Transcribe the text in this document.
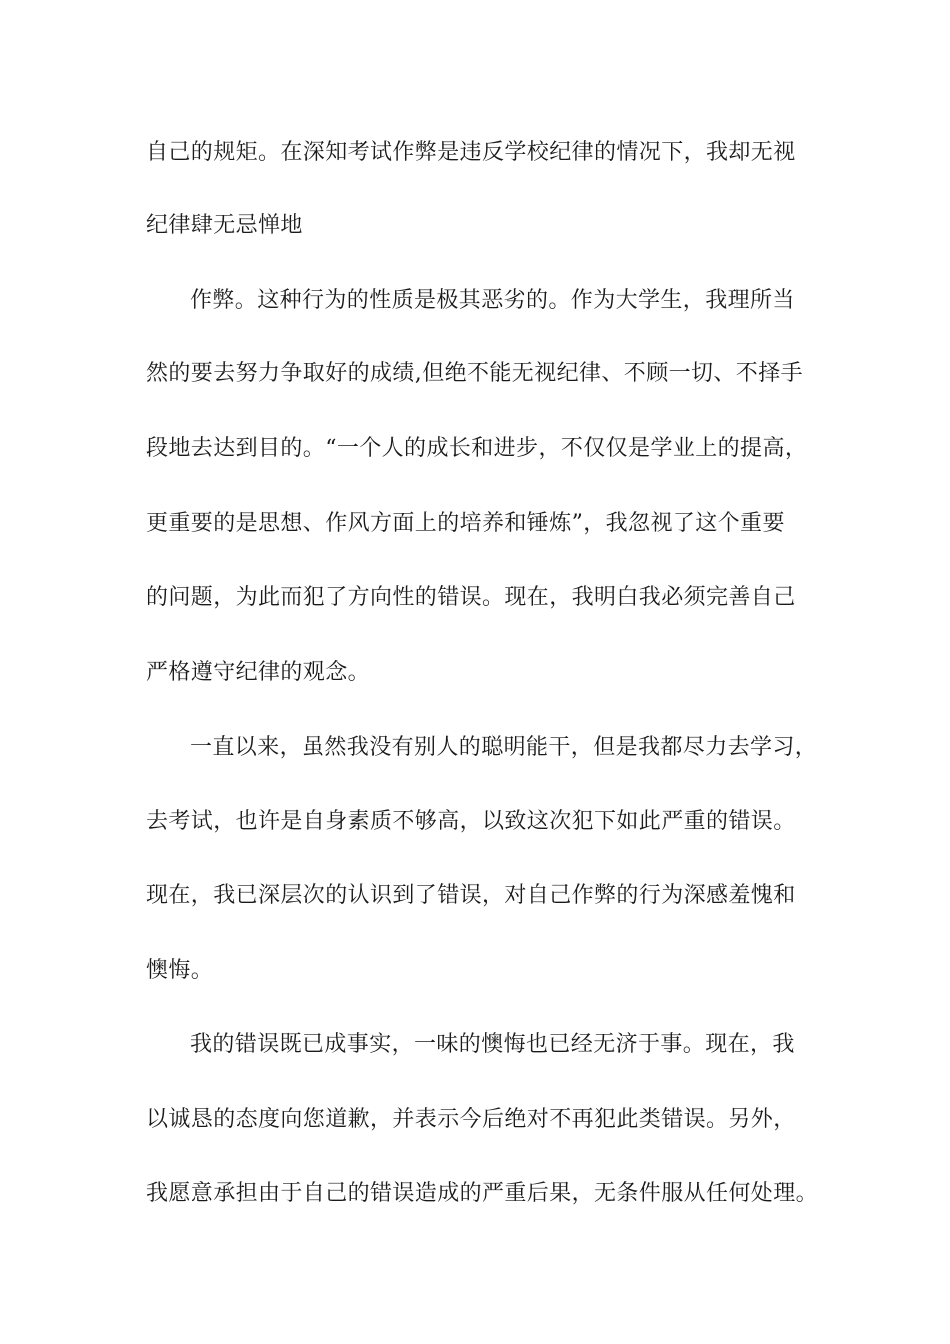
自己的规矩。在深知考试作弊是违反学校纪律的情况下，我却无视
纪律肆无忌惮地
作弊。这种行为的性质是极其恶劣的。作为大学生，我理所当
然的要去努力争取好的成绩,但绝不能无视纪律、不顾一切、不择手
段地去达到目的。“一个人的成长和进步，不仅仅是学业上的提高，
更重要的是思想、作风方面上的培养和锤炼”，我忽视了这个重要
的问题，为此而犯了方向性的错误。现在，我明白我必须完善自己
严格遵守纪律的观念。
一直以来，虽然我没有别人的聪明能干，但是我都尽力去学习，
去考试，也许是自身素质不够高，以致这次犯下如此严重的错误。
现在，我已深层次的认识到了错误，对自己作弊的行为深感羞愧和
懊悔。
我的错误既已成事实，一味的懊悔也已经无济于事。现在，我
以诚恳的态度向您道歉，并表示今后绝对不再犯此类错误。另外，
我愿意承担由于自己的错误造成的严重后果，无条件服从任何处理。
